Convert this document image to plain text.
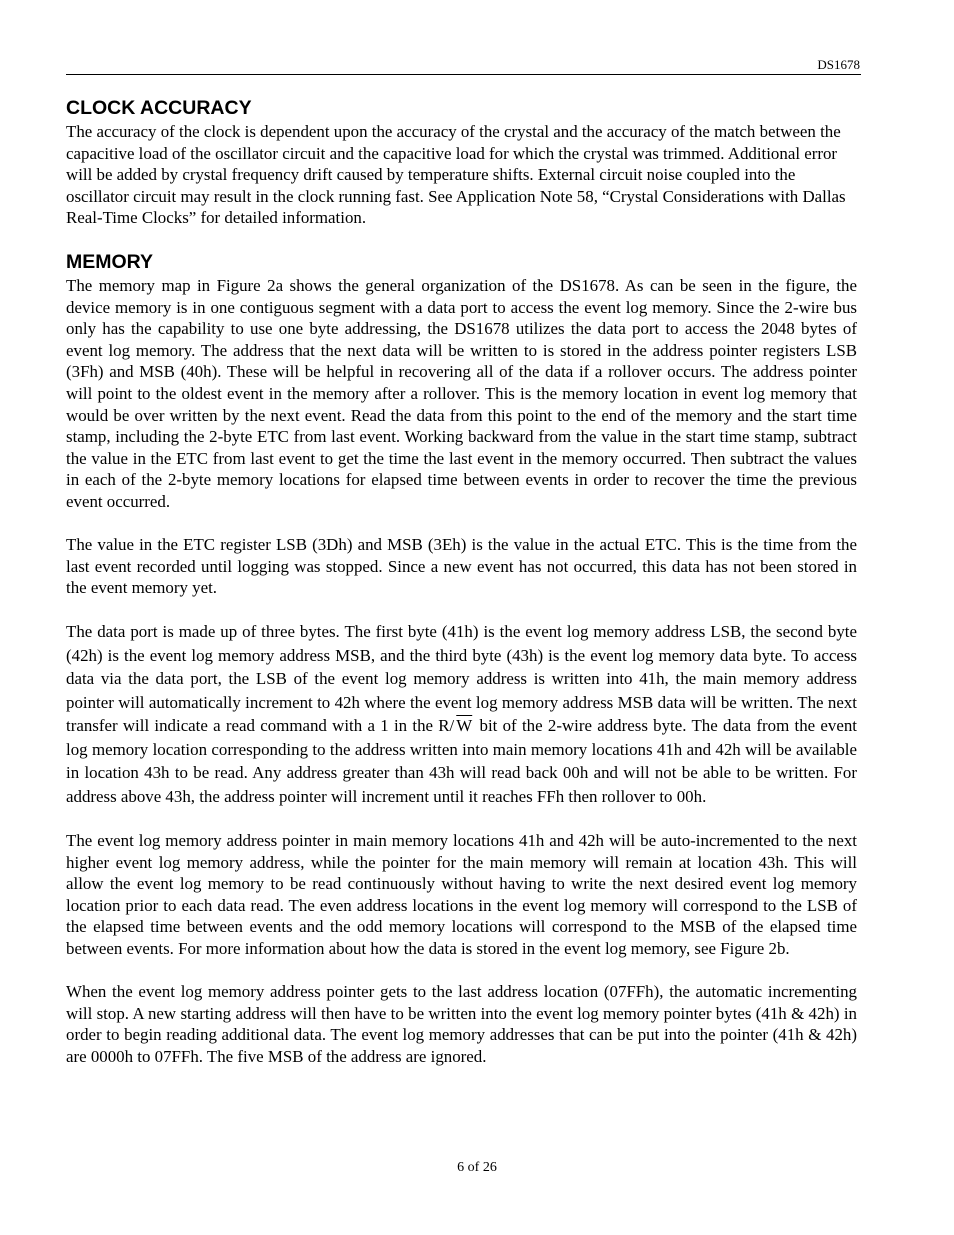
DS1678
CLOCK ACCURACY

The accuracy of the clock is dependent upon the accuracy of the crystal and the accuracy of the match between the capacitive load of the oscillator circuit and the capacitive load for which the crystal was trimmed. Additional error will be added by crystal frequency drift caused by temperature shifts. External circuit noise coupled into the oscillator circuit may result in the clock running fast. See Application Note 58, “Crystal Considerations with Dallas Real-Time Clocks” for detailed information.

MEMORY

The memory map in Figure 2a shows the general organization of the DS1678. As can be seen in the figure, the device memory is in one contiguous segment with a data port to access the event log memory. Since the 2-wire bus only has the capability to use one byte addressing, the DS1678 utilizes the data port to access the 2048 bytes of event log memory. The address that the next data will be written to is stored in the address pointer registers LSB (3Fh) and MSB (40h). These will be helpful in recovering all of the data if a rollover occurs. The address pointer will point to the oldest event in the memory after a rollover. This is the memory location in event log memory that would be over written by the next event. Read the data from this point to the end of the memory and the start time stamp, including the 2-byte ETC from last event. Working backward from the value in the start time stamp, subtract the value in the ETC from last event to get the time the last event in the memory occurred. Then subtract the values in each of the 2-byte memory locations for elapsed time between events in order to recover the time the previous event occurred.

The value in the ETC register LSB (3Dh) and MSB (3Eh) is the value in the actual ETC. This is the time from the last event recorded until logging was stopped. Since a new event has not occurred, this data has not been stored in the event memory yet.

The data port is made up of three bytes. The first byte (41h) is the event log memory address LSB, the second byte (42h) is the event log memory address MSB, and the third byte (43h) is the event log memory data byte. To access data via the data port, the LSB of the event log memory address is written into 41h, the main memory address pointer will automatically increment to 42h where the event log memory address MSB data will be written. The next transfer will indicate a read command with a 1 in the R/ $\overline{W}$ bit of the 2-wire address byte. The data from the event log memory location corresponding to the address written into main memory locations 41h and 42h will be available in location 43h to be read. Any address greater than 43h will read back 00h and will not be able to be written. For address above 43h, the address pointer will increment until it reaches FFh then rollover to 00h.

The event log memory address pointer in main memory locations 41h and 42h will be auto-incremented to the next higher event log memory address, while the pointer for the main memory will remain at location 43h. This will allow the event log memory to be read continuously without having to write the next desired event log memory location prior to each data read. The even address locations in the event log memory will correspond to the LSB of the elapsed time between events and the odd memory locations will correspond to the MSB of the elapsed time between events. For more information about how the data is stored in the event log memory, see Figure 2b.

When the event log memory address pointer gets to the last address location (07FFh), the automatic incrementing will stop. A new starting address will then have to be written into the event log memory pointer bytes (41h & 42h) in order to begin reading additional data. The event log memory addresses that can be put into the pointer (41h & 42h) are 0000h to 07FFh. The five MSB of the address are ignored.

6 of 26
